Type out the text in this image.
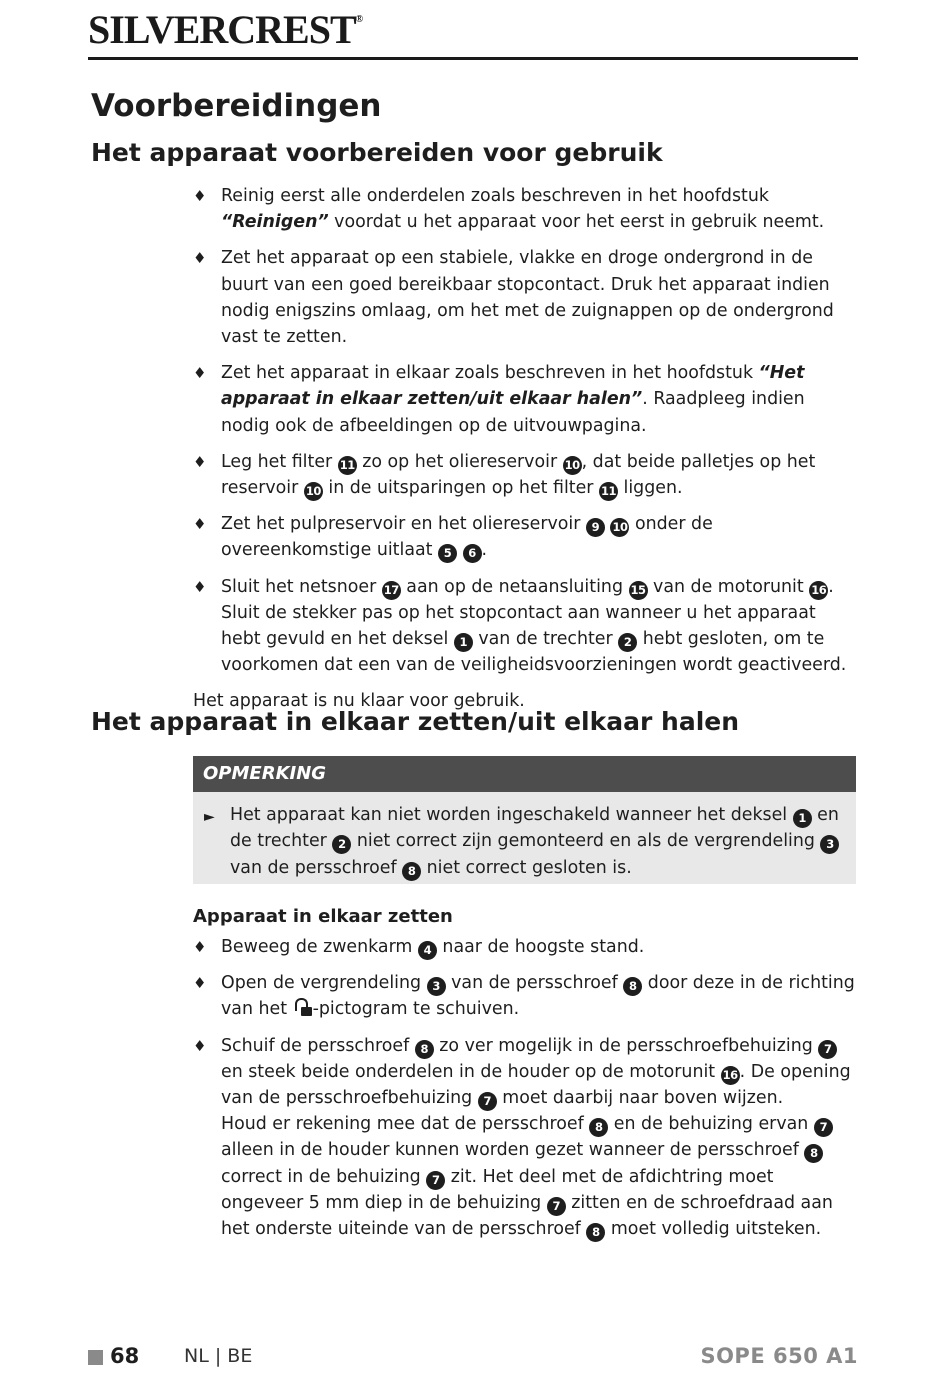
SILVERCREST®
Voorbereidingen
Het apparaat voorbereiden voor gebruik
♦ Reinig eerst alle onderdelen zoals beschreven in het hoofdstuk “Reinigen” voordat u het apparaat voor het eerst in gebruik neemt.
♦ Zet het apparaat op een stabiele, vlakke en droge ondergrond in de buurt van een goed bereikbaar stopcontact. Druk het apparaat indien nodig enigszins omlaag, om het met de zuignappen op de ondergrond vast te zetten.
♦ Zet het apparaat in elkaar zoals beschreven in het hoofdstuk “Het apparaat in elkaar zetten/uit elkaar halen”. Raadpleeg indien nodig ook de afbeeldingen op de uitvouwpagina.
♦ Leg het filter 11 zo op het oliereservoir 10 , dat beide palletjes op het reservoir 10 in de uitsparingen op het filter 11 liggen.
♦ Zet het pulpreservoir en het oliereservoir 9 10 onder de overeenkomstige uitlaat 5 6 .
♦ Sluit het netsnoer 17 aan op de netaansluiting 15 van de motorunit 16 .
Sluit de stekker pas op het stopcontact aan wanneer u het apparaat hebt gevuld en het deksel 1 van de trechter 2 hebt gesloten, om te voorkomen dat een van de veiligheidsvoorzieningen wordt geactiveerd.
Het apparaat is nu klaar voor gebruik.
Het apparaat in elkaar zetten/uit elkaar halen
OPMERKING
► Het apparaat kan niet worden ingeschakeld wanneer het deksel 1 en de trechter 2 niet correct zijn gemonteerd en als de vergrendeling 3 van de persschroef 8 niet correct gesloten is.
Apparaat in elkaar zetten
♦ Beweeg de zwenkarm 4 naar de hoogste stand.
♦ Open de vergrendeling 3 van de persschroef 8 door deze in de richting van het
-pictogram te schuiven.
♦ Schuif de persschroef 8 zo ver mogelijk in de persschroefbehuizing 7 en steek beide onderdelen in de houder op de motorunit 16 . De opening van de persschroefbehuizing 7 moet daarbij naar boven wijzen.
Houd er rekening mee dat de persschroef 8 en de behuizing ervan 7 alleen in de houder kunnen worden gezet wanneer de persschroef 8 correct in de behuizing 7 zit. Het deel met de afdichtring moet ongeveer 5 mm diep in de behuizing 7 zitten en de schroefdraad aan het onderste uiteinde van de persschroef 8 moet volledig uitsteken.
68 NL | BE	SOPE 650 A1
